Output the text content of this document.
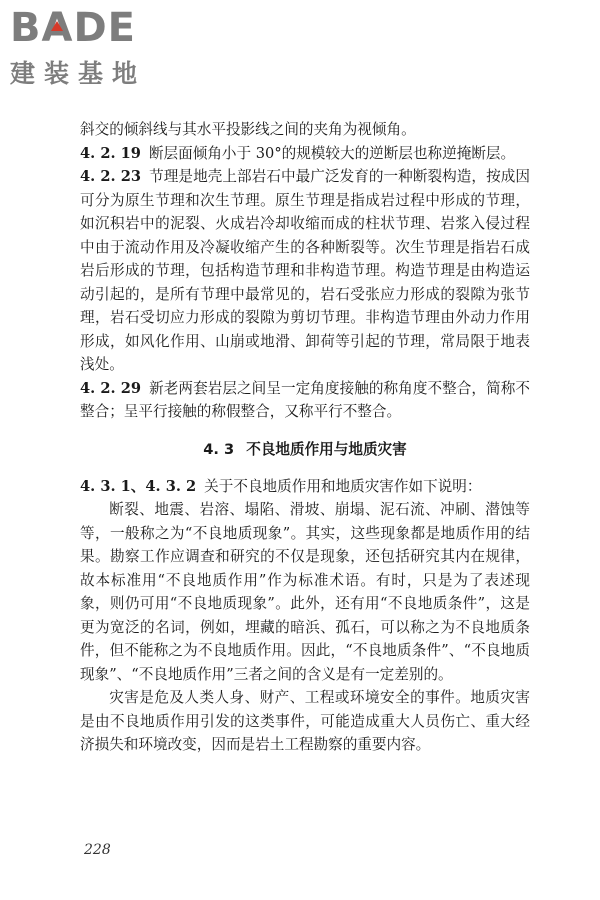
B A DE
建装基地

斜交的倾斜线与其水平投影线之间的夹角为视倾角。

4. 2. 19 断层面倾角小于 30°的规模较大的逆断层也称逆掩断层。

4. 2. 23 节理是地壳上部岩石中最广泛发育的一种断裂构造，按成因可分为原生节理和次生节理。原生节理是指成岩过程中形成的节理，如沉积岩中的泥裂、火成岩冷却收缩而成的柱状节理、岩浆入侵过程中由于流动作用及冷凝收缩产生的各种断裂等。次生节理是指岩石成岩后形成的节理，包括构造节理和非构造节理。构造节理是由构造运动引起的，是所有节理中最常见的，岩石受张应力形成的裂隙为张节理，岩石受切应力形成的裂隙为剪切节理。非构造节理由外动力作用形成，如风化作用、山崩或地滑、卸荷等引起的节理，常局限于地表浅处。

4. 2. 29 新老两套岩层之间呈一定角度接触的称角度不整合，简称不整合；呈平行接触的称假整合，又称平行不整合。

4. 3 不良地质作用与地质灾害

4. 3. 1、4. 3. 2 关于不良地质作用和地质灾害作如下说明：

断裂、地震、岩溶、塌陷、滑坡、崩塌、泥石流、冲刷、潜蚀等等，一般称之为“不良地质现象”。其实，这些现象都是地质作用的结果。勘察工作应调查和研究的不仅是现象，还包括研究其内在规律，故本标准用“不良地质作用”作为标准术语。有时，只是为了表述现象，则仍可用“不良地质现象”。此外，还有用“不良地质条件”，这是更为宽泛的名词，例如，埋藏的暗浜、孤石，可以称之为不良地质条件，但不能称之为不良地质作用。因此，“不良地质条件”、“不良地质现象”、“不良地质作用”三者之间的含义是有一定差别的。

灾害是危及人类人身、财产、工程或环境安全的事件。地质灾害是由不良地质作用引发的这类事件，可能造成重大人员伤亡、重大经济损失和环境改变，因而是岩土工程勘察的重要内容。

228
